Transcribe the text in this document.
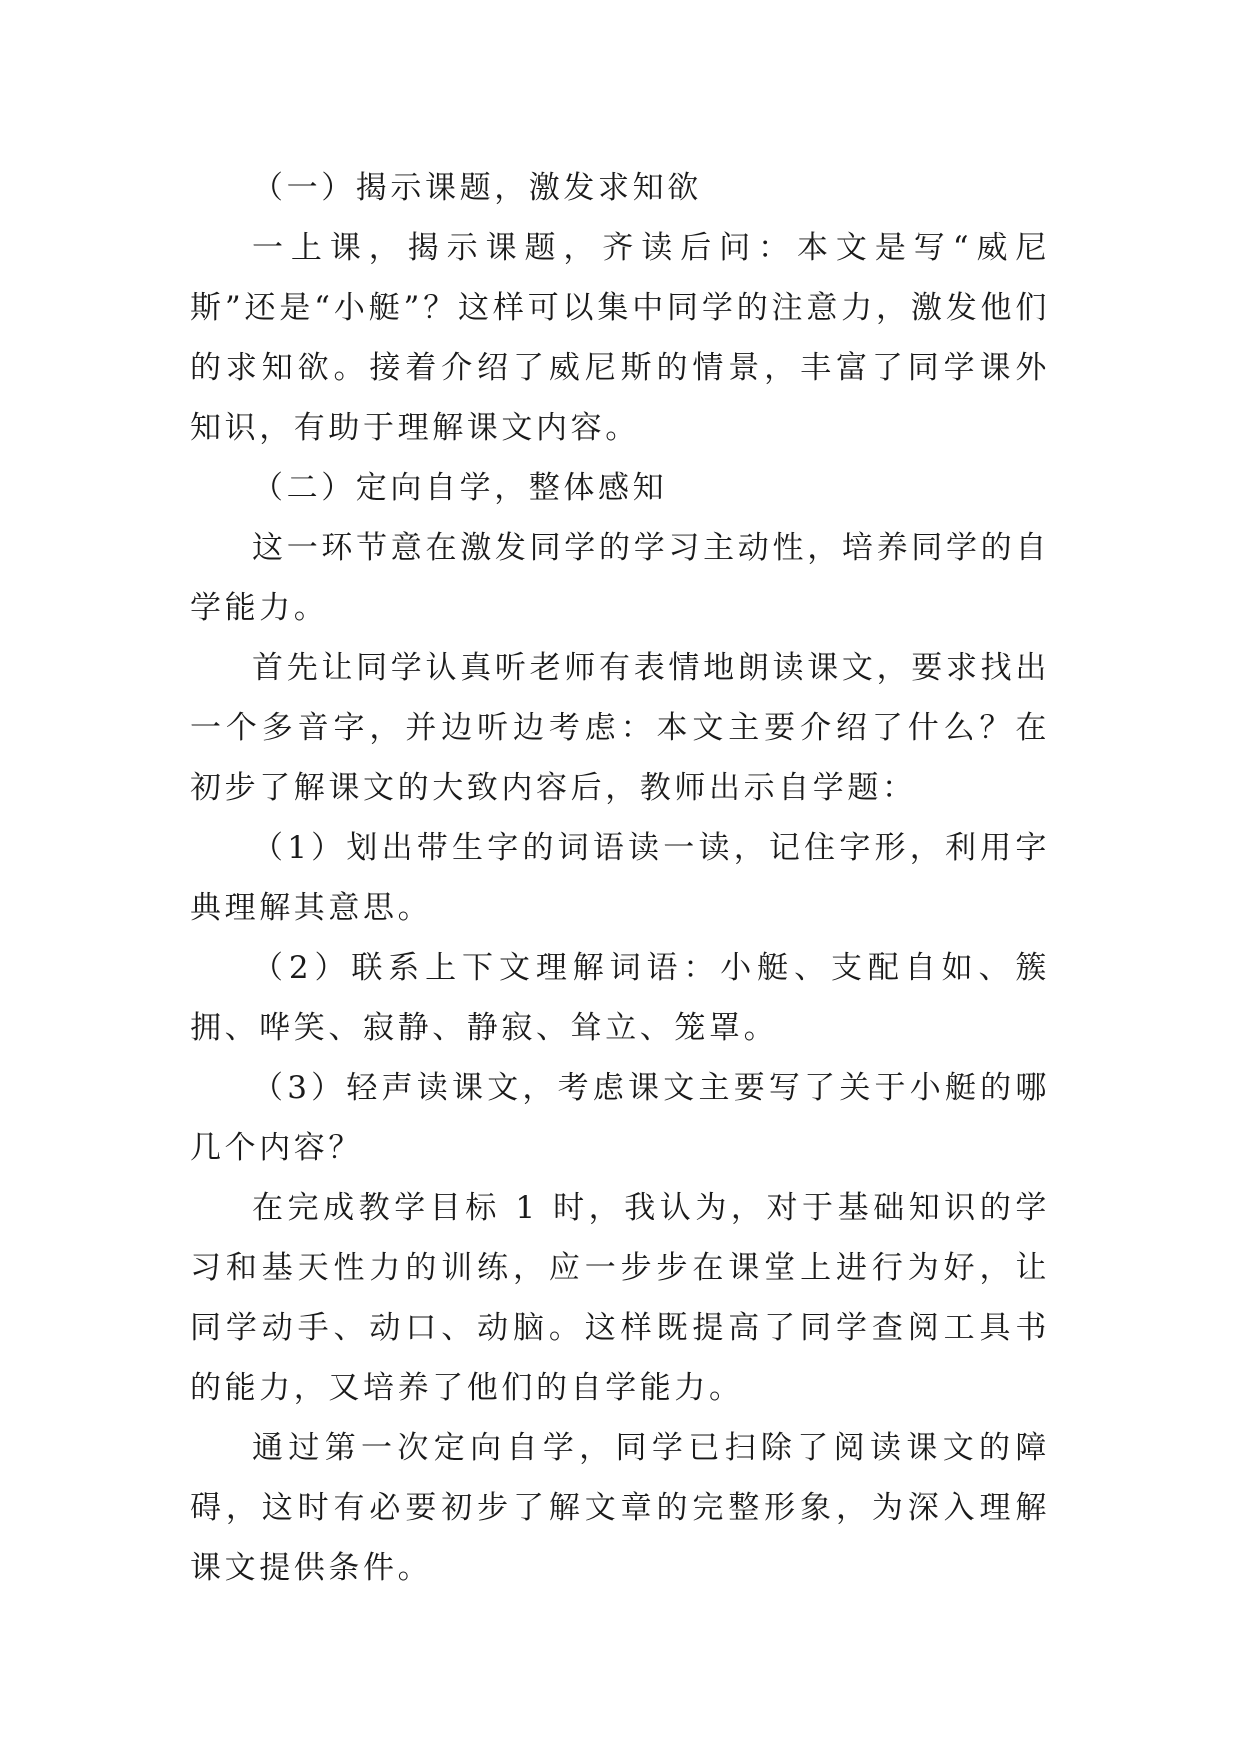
（一）揭示课题，激发求知欲

一上课，揭示课题，齐读后问：本文是写“威尼斯”还是“小艇”？这样可以集中同学的注意力，激发他们的求知欲。接着介绍了威尼斯的情景，丰富了同学课外知识，有助于理解课文内容。

（二）定向自学，整体感知

这一环节意在激发同学的学习主动性，培养同学的自学能力。

首先让同学认真听老师有表情地朗读课文，要求找出一个多音字，并边听边考虑：本文主要介绍了什么？在初步了解课文的大致内容后，教师出示自学题：

（1）划出带生字的词语读一读，记住字形，利用字典理解其意思。

（2）联系上下文理解词语：小艇、支配自如、簇拥、哗笑、寂静、静寂、耸立、笼罩。

（3）轻声读课文，考虑课文主要写了关于小艇的哪几个内容？

在完成教学目标 1 时，我认为，对于基础知识的学习和基天性力的训练，应一步步在课堂上进行为好，让同学动手、动口、动脑。这样既提高了同学查阅工具书的能力，又培养了他们的自学能力。

通过第一次定向自学，同学已扫除了阅读课文的障碍，这时有必要初步了解文章的完整形象，为深入理解课文提供条件。
